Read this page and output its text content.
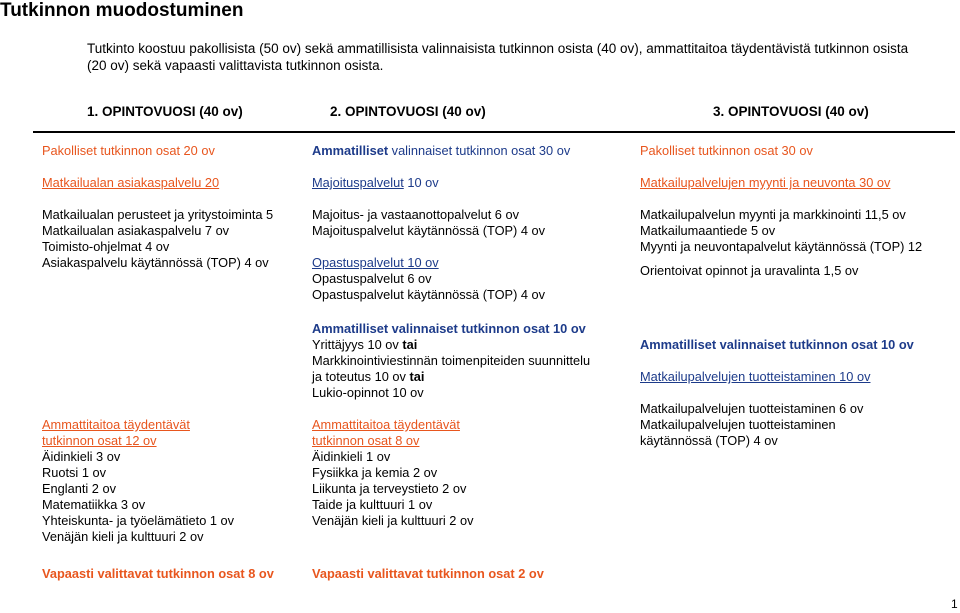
Tutkinnon muodostuminen
Tutkinto koostuu pakollisista (50 ov) sekä ammatillisista valinnaisista tutkinnon osista (40 ov), ammattitaitoa täydentävistä tutkinnon osista
(20 ov) sekä vapaasti valittavista tutkinnon osista.
1. OPINTOVUOSI (40 ov)	2. OPINTOVUOSI (40 ov)	3. OPINTOVUOSI (40 ov)
Pakolliset tutkinnon osat 20 ov
Matkailualan asiakaspalvelu 20
Matkailualan perusteet ja yritystoiminta 5
Matkailualan asiakaspalvelu 7 ov
Toimisto-ohjelmat 4 ov
Asiakaspalvelu käytännössä (TOP) 4 ov
Ammattitaitoa täydentävät
tutkinnon osat 12 ov
Äidinkieli 3 ov
Ruotsi 1 ov
Englanti 2 ov
Matematiikka 3 ov
Yhteiskunta- ja työelämätieto 1 ov
Venäjän kieli ja kulttuuri 2 ov
Vapaasti valittavat tutkinnon osat 8 ov
Ammatilliset valinnaiset tutkinnon osat 30 ov
Majoituspalvelut 10 ov
Majoitus- ja vastaanottopalvelut 6 ov
Majoituspalvelut käytännössä (TOP) 4 ov
Opastuspalvelut 10 ov
Opastuspalvelut 6 ov
Opastuspalvelut käytännössä (TOP) 4 ov
Ammatilliset valinnaiset tutkinnon osat 10 ov
Yrittäjyys 10 ov tai
Markkinointiviestinnän toimenpiteiden suunnittelu
ja toteutus 10 ov tai
Lukio-opinnot 10 ov
Ammattitaitoa täydentävät
tutkinnon osat 8 ov
Äidinkieli 1 ov
Fysiikka ja kemia 2 ov
Liikunta ja terveystieto 2 ov
Taide ja kulttuuri 1 ov
Venäjän kieli ja kulttuuri 2 ov
Vapaasti valittavat tutkinnon osat 2 ov
Pakolliset tutkinnon osat 30 ov
Matkailupalvelujen myynti ja neuvonta 30 ov
Matkailupalvelun myynti ja markkinointi 11,5 ov
Matkailumaantiede 5 ov
Myynti ja neuvontapalvelut käytännössä (TOP) 12
Orientoivat opinnot ja uravalinta 1,5 ov
Ammatilliset valinnaiset tutkinnon osat 10 ov
Matkailupalvelujen tuotteistaminen 10 ov
Matkailupalvelujen tuotteistaminen 6 ov
Matkailupalvelujen tuotteistaminen
käytännössä (TOP) 4 ov
1
